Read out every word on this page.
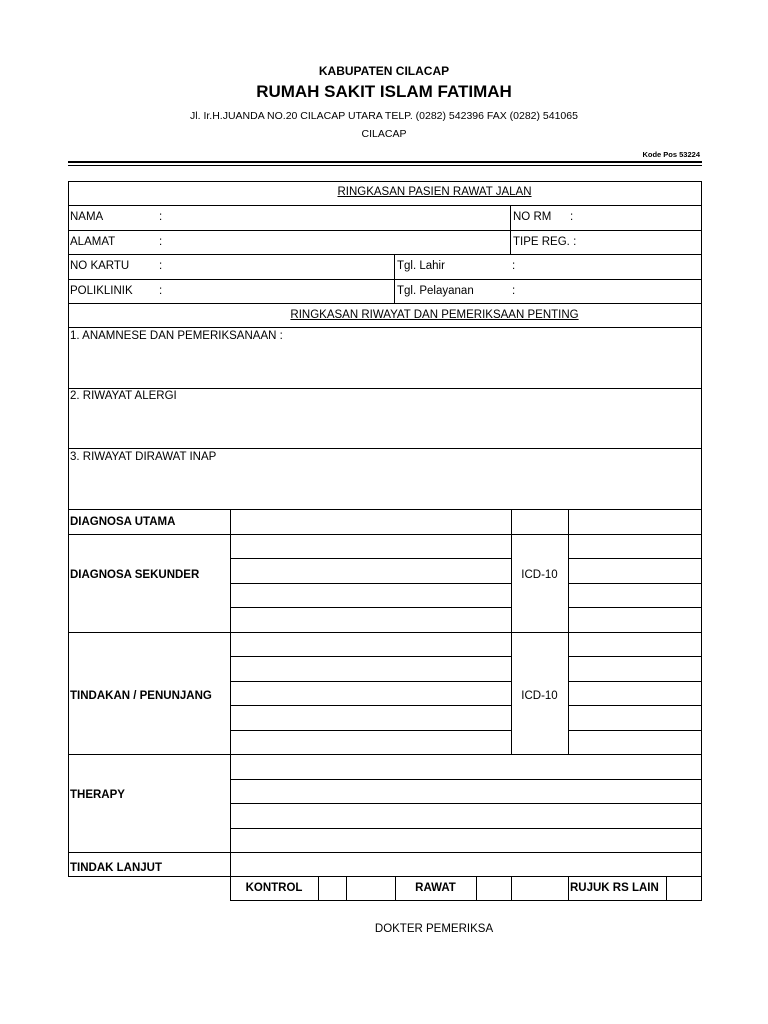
KABUPATEN CILACAP
RUMAH SAKIT ISLAM FATIMAH
Jl. Ir.H.JUANDA NO.20 CILACAP UTARA TELP. (0282) 542396 FAX (0282) 541065
CILACAP
Kode Pos 53224
RINGKASAN PASIEN RAWAT JALAN
NAMA	:	NO RM :
ALAMAT	:	TIPE REG. :
NO KARTU	:	Tgl. Lahir	:
POLIKLINIK :	Tgl. Pelayanan	:
RINGKASAN RIWAYAT DAN PEMERIKSAAN PENTING
1. ANAMNESE DAN PEMERIKSANAAN :
2. RIWAYAT ALERGI
3. RIWAYAT DIRAWAT INAP
DIAGNOSA UTAMA
DIAGNOSA SEKUNDER	ICD-10
TINDAKAN / PENUNJANG	ICD-10
THERAPY
TINDAK LANJUT
KONTROL	RAWAT	RUJUK RS LAIN
DOKTER PEMERIKSA
